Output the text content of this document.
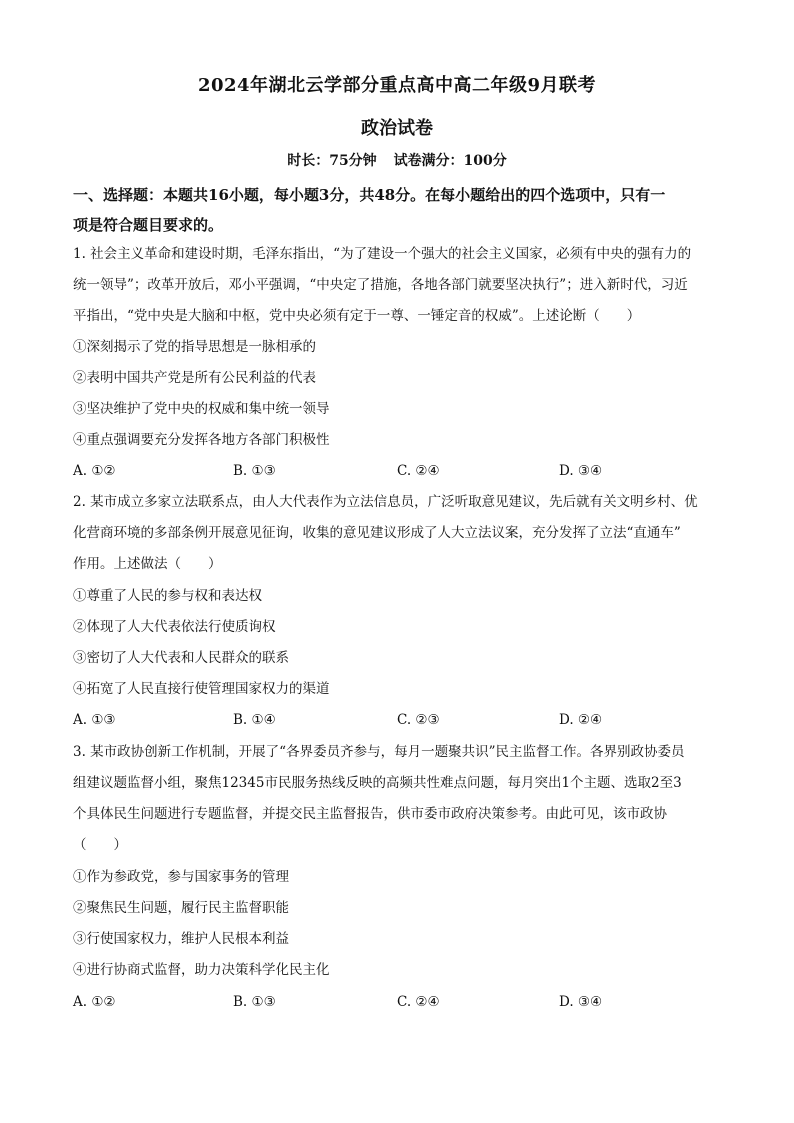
2024年湖北云学部分重点高中高二年级9月联考
政治试卷
时长：75分钟 试卷满分：100分
一、选择题：本题共16小题，每小题3分，共48分。在每小题给出的四个选项中，只有一
项是符合题目要求的。
1. 社会主义革命和建设时期，毛泽东指出，“为了建设一个强大的社会主义国家，必须有中央的强有力的
统一领导”；改革开放后，邓小平强调，“中央定了措施，各地各部门就要坚决执行”；进入新时代，习近
平指出，“党中央是大脑和中枢，党中央必须有定于一尊、一锤定音的权威”。上述论断（　　）
①深刻揭示了党的指导思想是一脉相承的
②表明中国共产党是所有公民利益的代表
③坚决维护了党中央的权威和集中统一领导
④重点强调要充分发挥各地方各部门积极性
A. ①②	B. ①③	C. ②④	D. ③④
2. 某市成立多家立法联系点，由人大代表作为立法信息员，广泛听取意见建议，先后就有关文明乡村、优
化营商环境的多部条例开展意见征询，收集的意见建议形成了人大立法议案，充分发挥了立法“直通车”
作用。上述做法（　　）
①尊重了人民的参与权和表达权
②体现了人大代表依法行使质询权
③密切了人大代表和人民群众的联系
④拓宽了人民直接行使管理国家权力的渠道
A. ①③	B. ①④	C. ②③	D. ②④
3. 某市政协创新工作机制，开展了“各界委员齐参与，每月一题聚共识”民主监督工作。各界别政协委员
组建议题监督小组，聚焦12345市民服务热线反映的高频共性难点问题，每月突出1个主题、选取2至3
个具体民生问题进行专题监督，并提交民主监督报告，供市委市政府决策参考。由此可见，该市政协
（　　）
①作为参政党，参与国家事务的管理
②聚焦民生问题，履行民主监督职能
③行使国家权力，维护人民根本利益
④进行协商式监督，助力决策科学化民主化
A. ①②	B. ①③	C. ②④	D. ③④
